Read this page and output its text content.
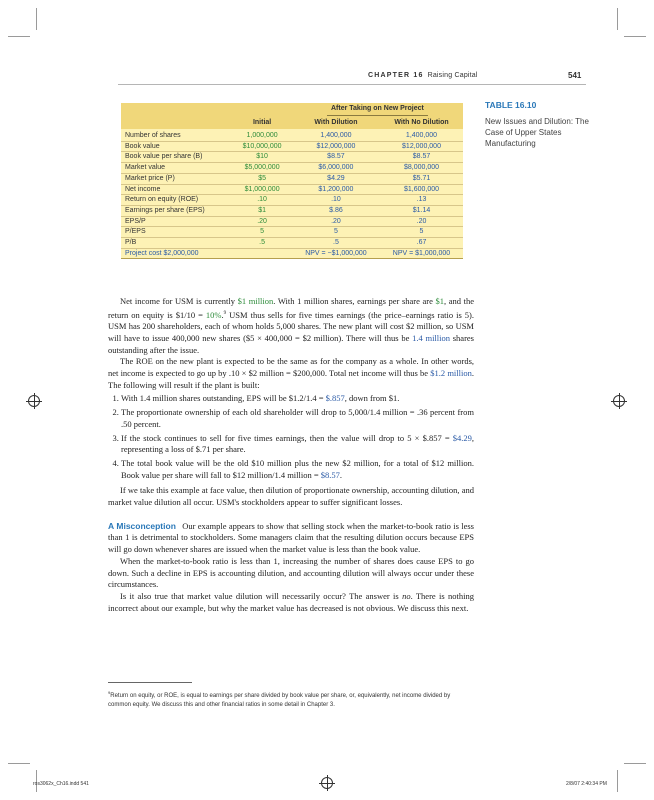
CHAPTER 16 Raising Capital	541
		After Taking on New Project	
	Initial	With Dilution	With No Dilution
Number of shares	1,000,000	1,400,000	1,400,000
Book value	$10,000,000	$12,000,000	$12,000,000
Book value per share (B)	$10	$8.57	$8.57
Market value	$5,000,000	$6,000,000	$8,000,000
Market price (P)	$5	$4.29	$5.71
Net income	$1,000,000	$1,200,000	$1,600,000
Return on equity (ROE)	.10	.10	.13
Earnings per share (EPS)	$1	$.86	$1.14
EPS/P	.20	.20	.20
P/EPS	5	5	5
P/B	.5	.5	.67
Project cost $2,000,000		NPV = −$1,000,000	NPV = $1,000,000
TABLE 16.10
New Issues and Dilution: The Case of Upper States Manufacturing

Net income for USM is currently $1 million. With 1 million shares, earnings per share are $1, and the return on equity is $1/10 = 10%.$^9$ USM thus sells for five times earnings (the price–earnings ratio is 5). USM has 200 shareholders, each of whom holds 5,000 shares. The new plant will cost $2 million, so USM will have to issue 400,000 new shares ($5 × 400,000 = $2 million). There will thus be 1.4 million shares outstanding after the issue.

The ROE on the new plant is expected to be the same as for the company as a whole. In other words, net income is expected to go up by .10 × $2 million = $200,000. Total net income will thus be $1.2 million. The following will result if the plant is built:

1. With 1.4 million shares outstanding, EPS will be $1.2/1.4 = $.857, down from $1.
2. The proportionate ownership of each old shareholder will drop to 5,000/1.4 million = .36 percent from .50 percent.
3. If the stock continues to sell for five times earnings, then the value will drop to 5 × $.857 = $4.29, representing a loss of $.71 per share.
4. The total book value will be the old $10 million plus the new $2 million, for a total of $12 million. Book value per share will fall to $12 million/1.4 million = $8.57.

If we take this example at face value, then dilution of proportionate ownership, accounting dilution, and market value dilution all occur. USM's stockholders appear to suffer significant losses.

A Misconception Our example appears to show that selling stock when the market-to-book ratio is less than 1 is detrimental to stockholders. Some managers claim that the resulting dilution occurs because EPS will go down whenever shares are issued when the market value is less than the book value.

When the market-to-book ratio is less than 1, increasing the number of shares does cause EPS to go down. Such a decline in EPS is accounting dilution, and accounting dilution will always occur under these circumstances.

Is it also true that market value dilution will necessarily occur? The answer is no. There is nothing incorrect about our example, but why the market value has decreased is not obvious. We discuss this next.

$^9$Return on equity, or ROE, is equal to earnings per share divided by book value per share, or, equivalently, net income divided by common equity. We discuss this and other financial ratios in some detail in Chapter 3.
ros3062x_Ch16.indd 541	2/8/07 2:40:34 PM
